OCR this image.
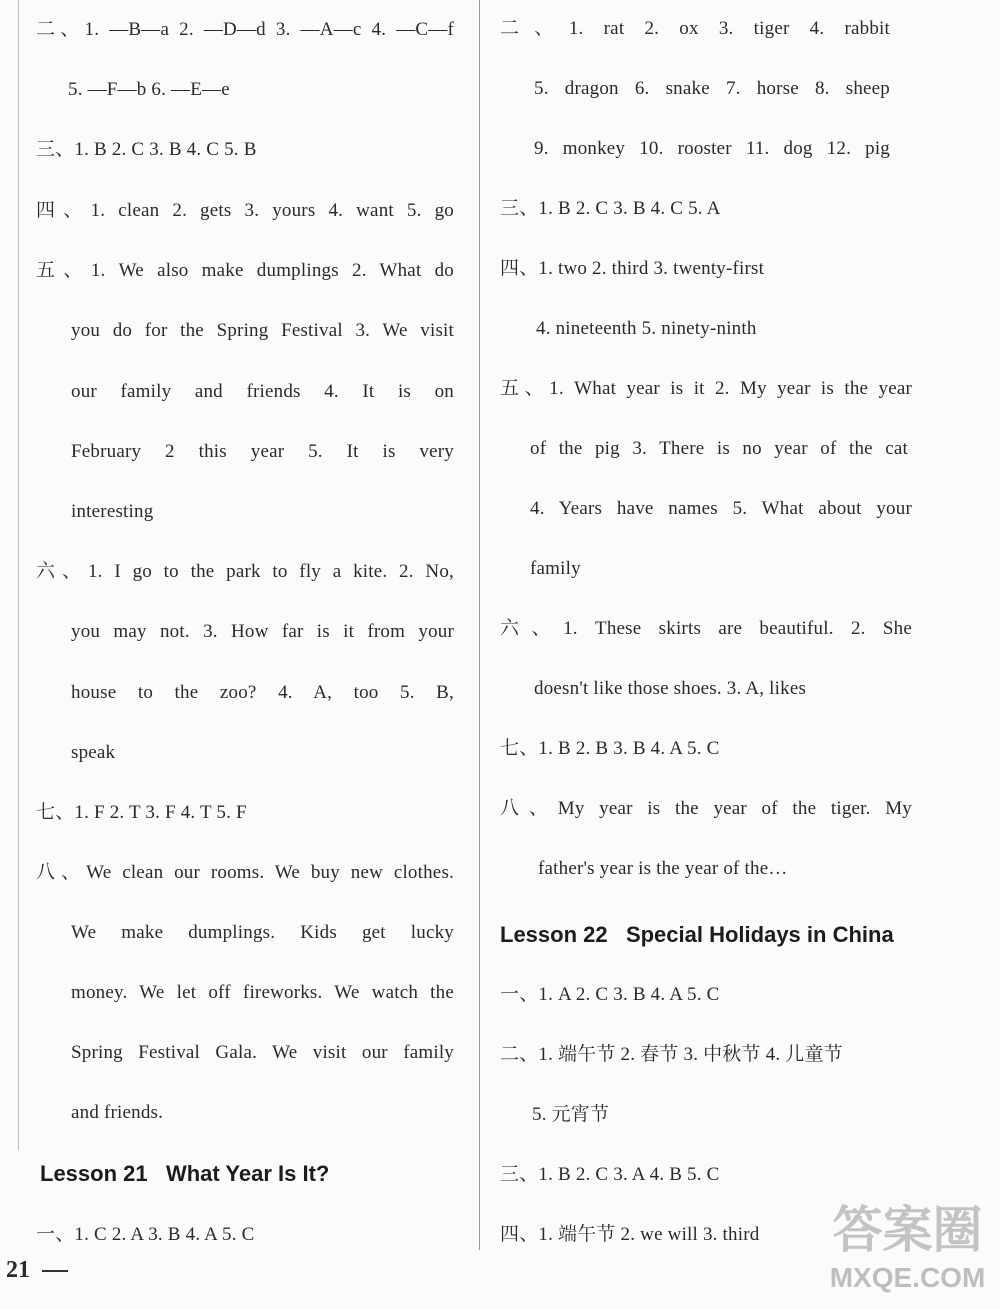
二、1. —B—a 2. —D—d 3. —A—c 4. —C—f
5. —F—b 6. —E—e
三、1. B 2. C 3. B 4. C 5. B
四、1. clean 2. gets 3. yours 4. want 5. go
五、1. We also make dumplings 2. What do
you do for the Spring Festival 3. We visit
our family and friends 4. It is on
February 2 this year 5. It is very
interesting
六、1. I go to the park to fly a kite. 2. No,
you may not. 3. How far is it from your
house to the zoo? 4. A, too 5. B,
speak
七、1. F 2. T 3. F 4. T 5. F
八、We clean our rooms. We buy new clothes.
We make dumplings. Kids get lucky
money. We let off fireworks. We watch the
Spring Festival Gala. We visit our family
and friends.
Lesson 21   What Year Is It?
一、1. C 2. A 3. B 4. A 5. C
二、1. rat 2. ox 3. tiger 4. rabbit
5. dragon 6. snake 7. horse 8. sheep
9. monkey 10. rooster 11. dog 12. pig
三、1. B 2. C 3. B 4. C 5. A
四、1. two 2. third 3. twenty-first
4. nineteenth 5. ninety-ninth
五、1. What year is it 2. My year is the year
of the pig 3. There is no year of the cat
4. Years have names 5. What about your
family
六、1. These skirts are beautiful. 2. She
doesn't like those shoes. 3. A, likes
七、1. B 2. B 3. B 4. A 5. C
八、My year is the year of the tiger. My
father's year is the year of the…
Lesson 22   Special Holidays in China
一、1. A 2. C 3. B 4. A 5. C
二、1. 端午节 2. 春节 3. 中秋节 4. 儿童节
5. 元宵节
三、1. B 2. C 3. A 4. B 5. C
四、1. 端午节 2. we will 3. third
21
答案圈
MXQE.COM
